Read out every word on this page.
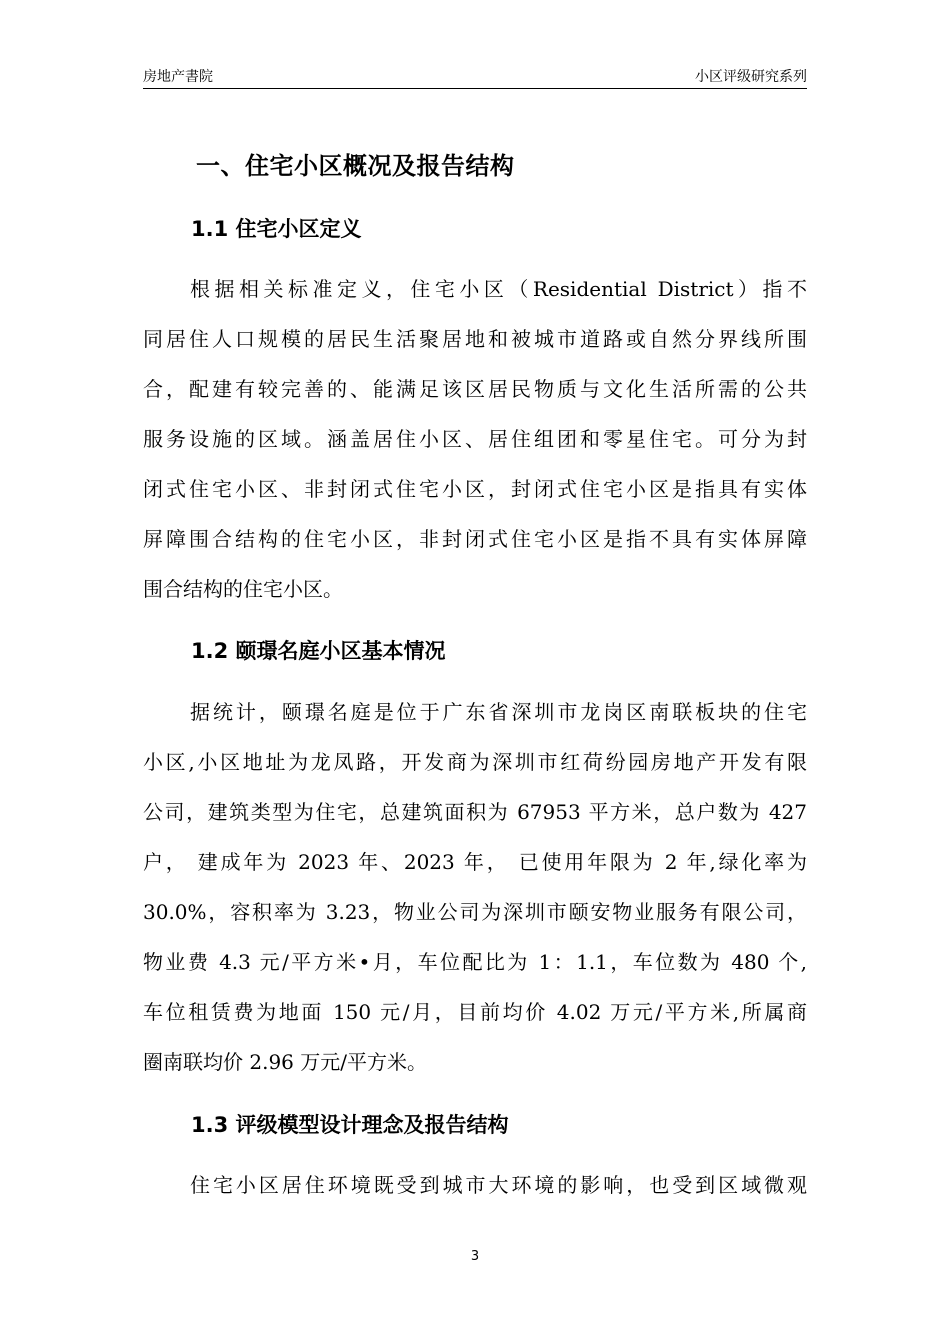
房地产書院	小区评级研究系列
一、住宅小区概况及报告结构
1.1 住宅小区定义
根据相关标准定义，住宅小区（Residential District）指不
同居住人口规模的居民生活聚居地和被城市道路或自然分界线所围
合，配建有较完善的、能满足该区居民物质与文化生活所需的公共
服务设施的区域。涵盖居住小区、居住组团和零星住宅。可分为封
闭式住宅小区、非封闭式住宅小区，封闭式住宅小区是指具有实体
屏障围合结构的住宅小区，非封闭式住宅小区是指不具有实体屏障
围合结构的住宅小区。
1.2 颐璟名庭小区基本情况
据统计，颐璟名庭是位于广东省深圳市龙岗区南联板块的住宅
小区,小区地址为龙凤路，开发商为深圳市红荷纷园房地产开发有限
公司，建筑类型为住宅，总建筑面积为 67953 平方米，总户数为 427
户， 建成年为 2023 年、2023 年， 已使用年限为 2 年,绿化率为
30.0%，容积率为 3.23，物业公司为深圳市颐安物业服务有限公司，
物业费 4.3 元/平方米•月，车位配比为 1：1.1，车位数为 480 个,
车位租赁费为地面 150 元/月，目前均价 4.02 万元/平方米,所属商
圈南联均价 2.96 万元/平方米。
1.3 评级模型设计理念及报告结构
住宅小区居住环境既受到城市大环境的影响，也受到区域微观
3
